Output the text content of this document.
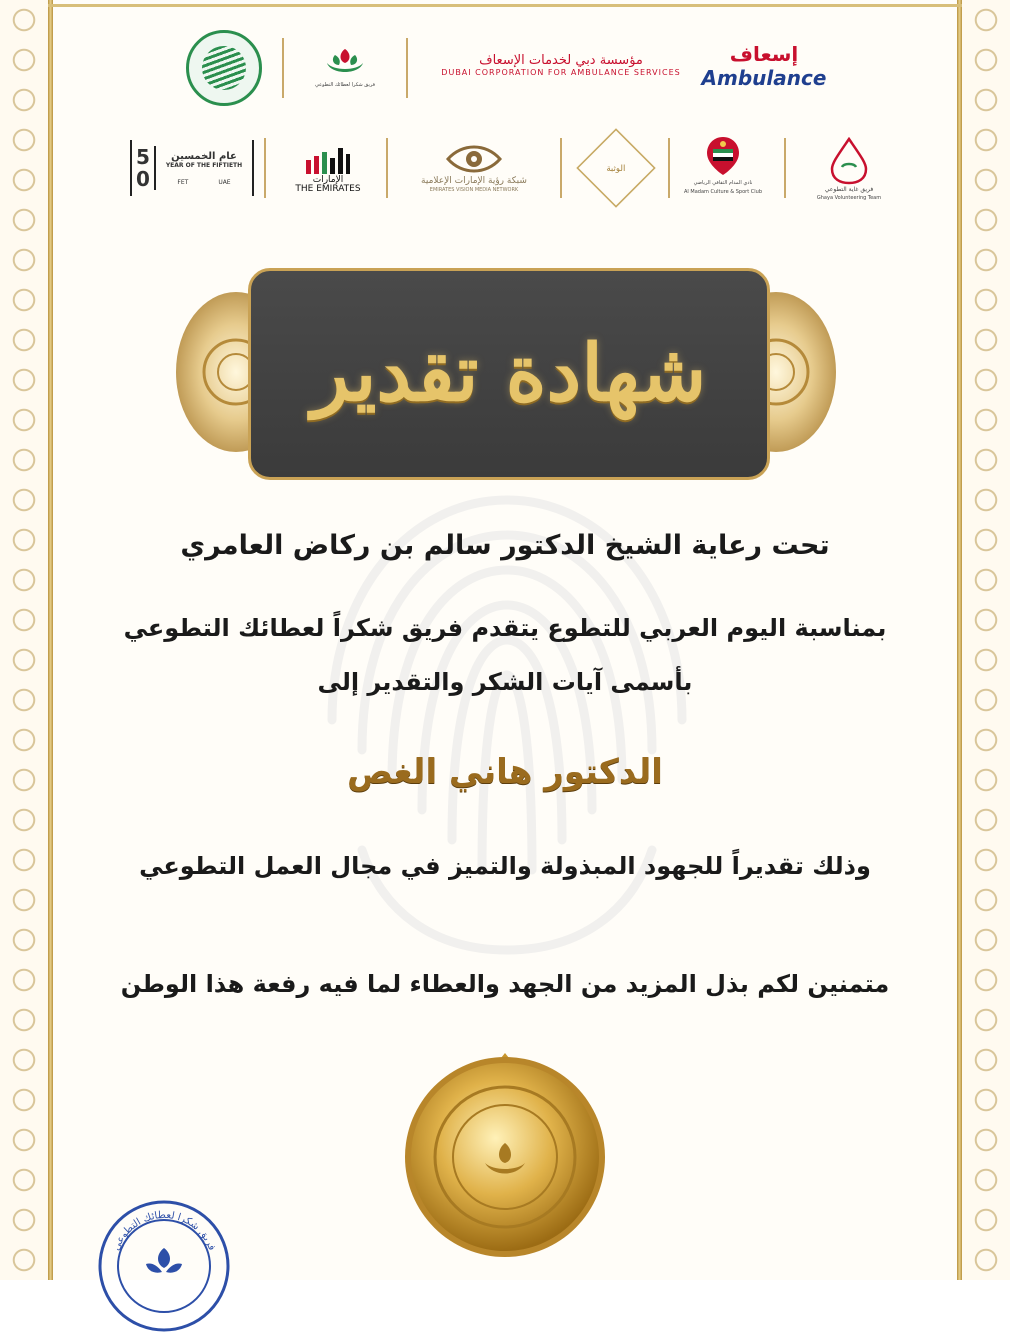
فريق شكرا لعطائك التطوعي
مؤسسة دبي لخدمات الإسعاف
DUBAI CORPORATION FOR AMBULANCE SERVICES
إسعاف
Ambulance
5
0
عام الخمسين
YEAR OF THE FIFTIETH
FET	UAE	الإمارات
THE EMIRATES
شبكة رؤية الإمارات الإعلامية
EMIRATES VISION MEDIA NETWORK
الوثبة
نادي المدام الثقافي الرياضي
Al Madam Culture & Sport Club	فريق غاية التطوعي
Ghaya Volunteering Team
شهادة تقدير
تحت رعاية الشيخ الدكتور سالم بن ركاض العامري
بمناسبة اليوم العربي للتطوع يتقدم فريق شكراً لعطائك التطوعي
بأسمى آيات الشكر والتقدير إلى
الدكتور هاني الغص
وذلك تقديراً للجهود المبذولة والتميز في مجال العمل التطوعي
متمنين لكم بذل المزيد من الجهد والعطاء لما فيه رفعة هذا الوطن
فريق شكرا لعطائك التطوعي
